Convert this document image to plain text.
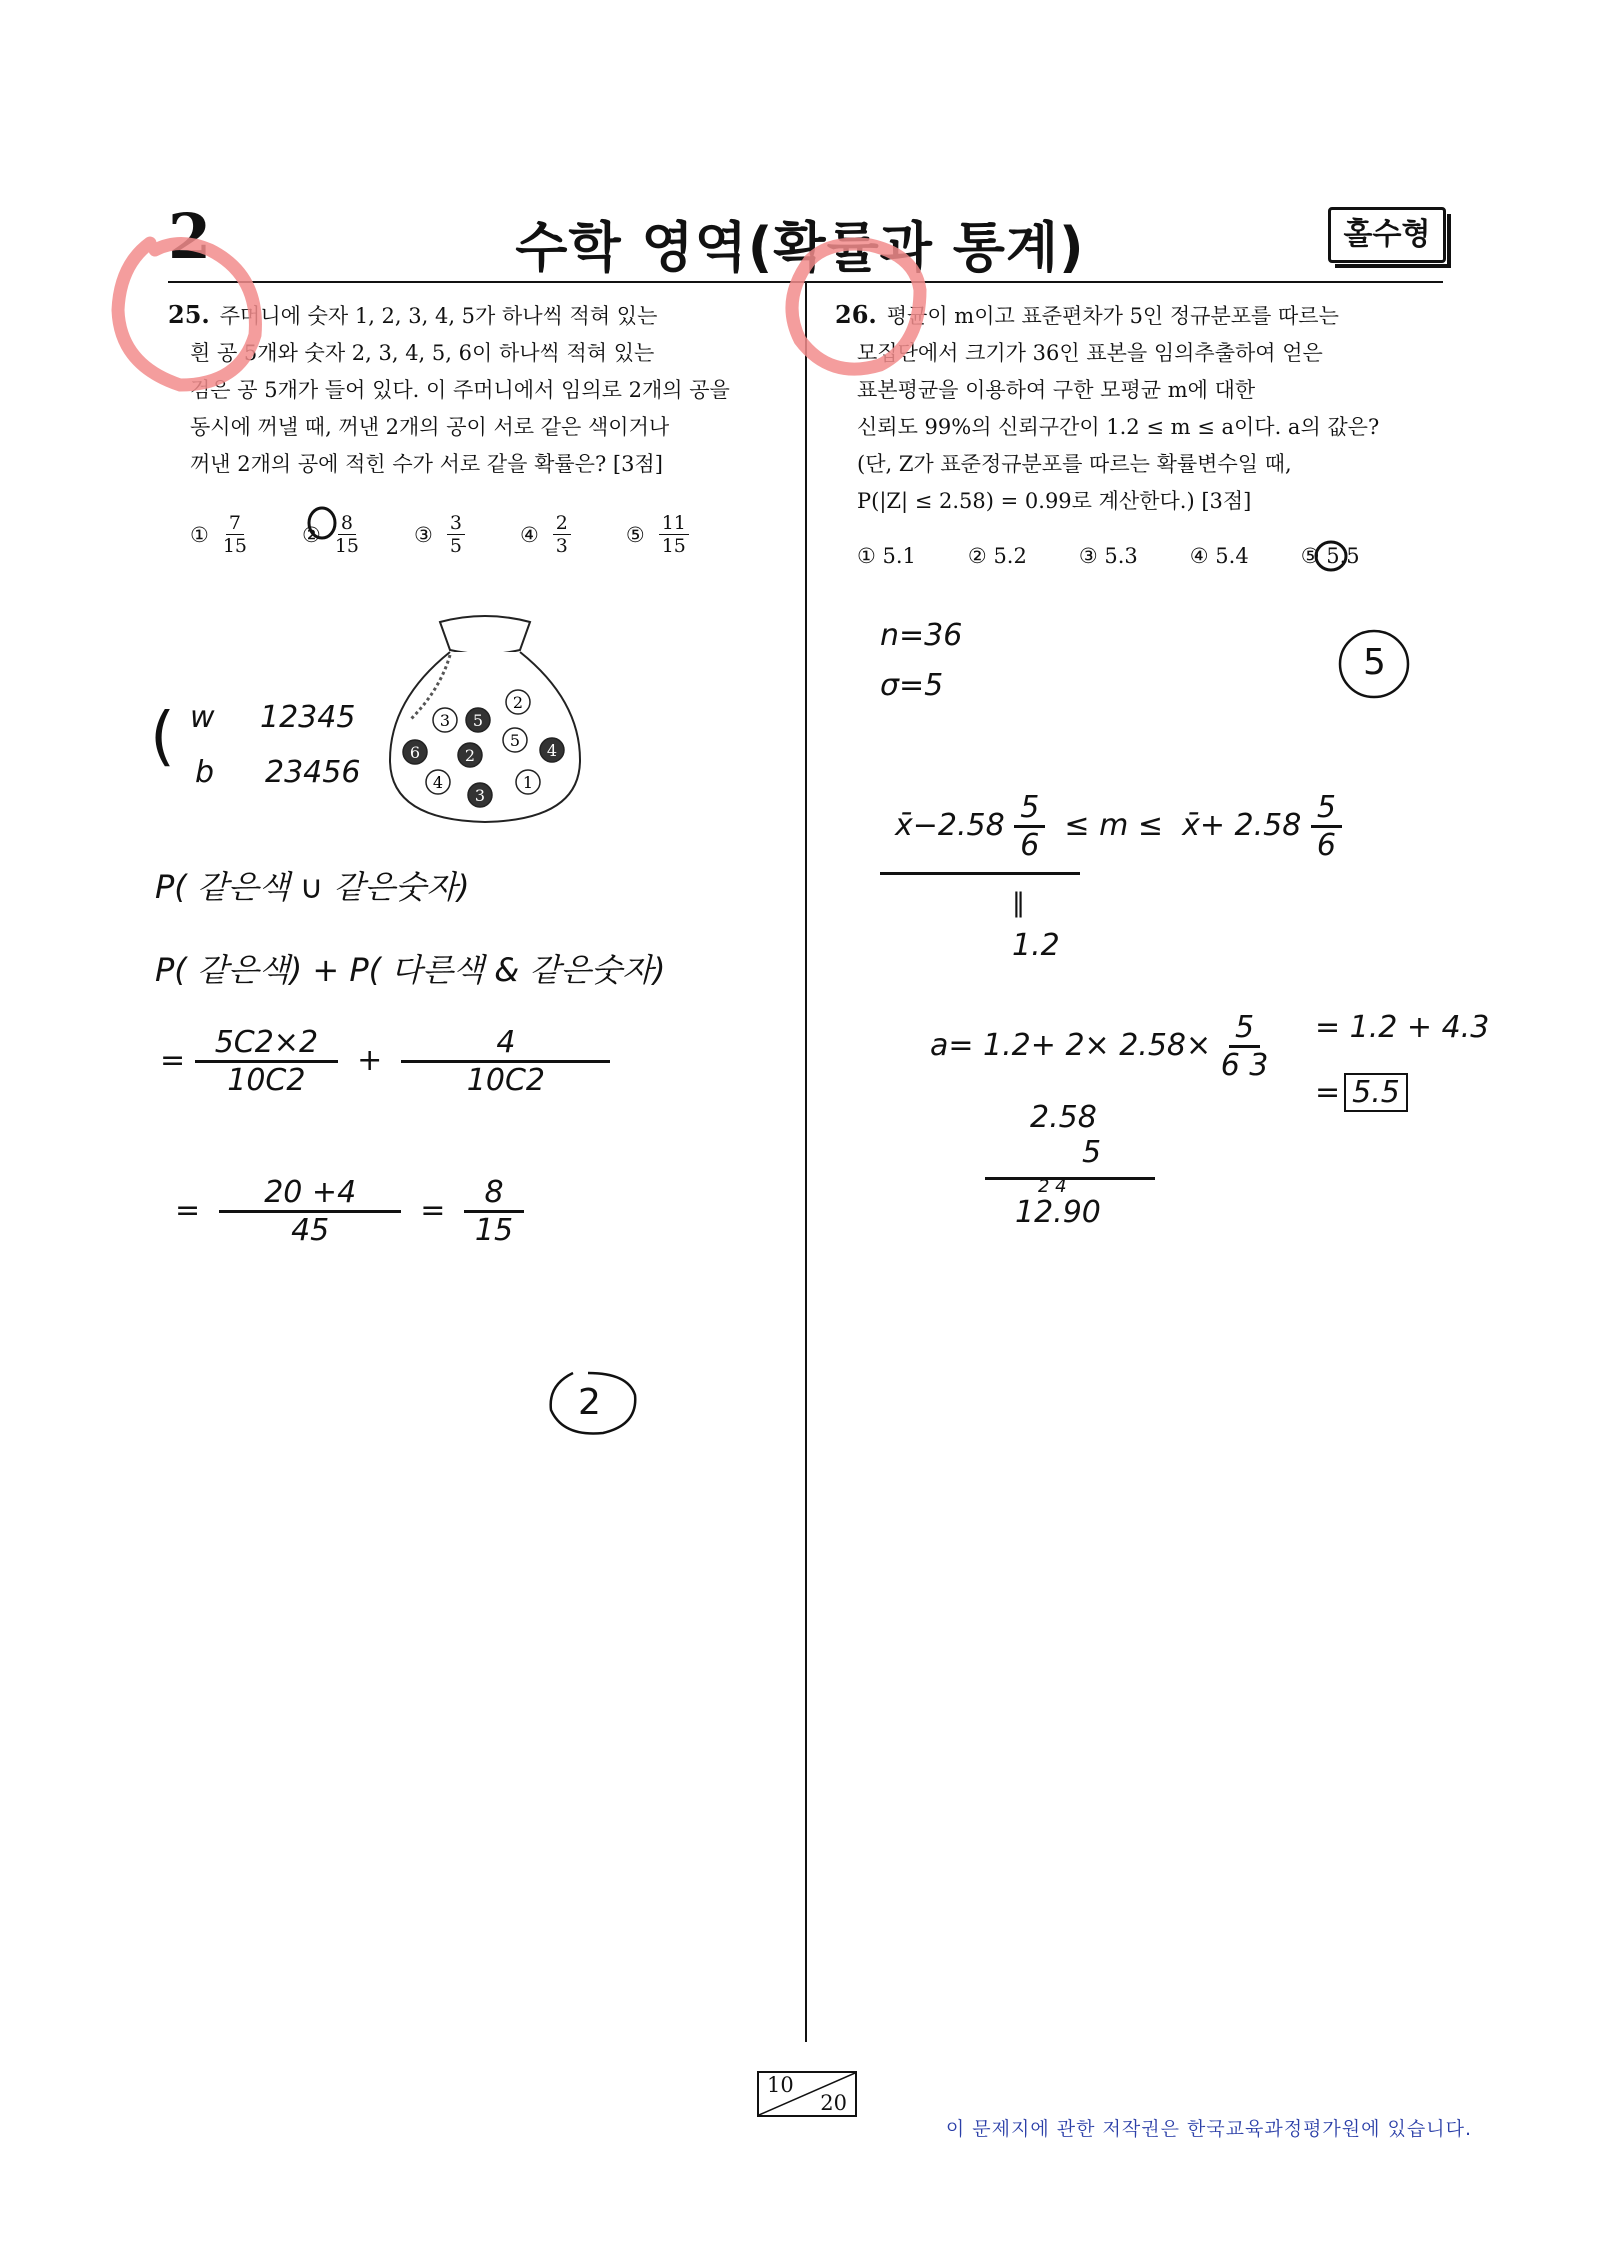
2	수학 영역(확률과 통계)	홀수형
25. 주머니에 숫자 1, 2, 3, 4, 5가 하나씩 적혀 있는
흰 공 5개와 숫자 2, 3, 4, 5, 6이 하나씩 적혀 있는
검은 공 5개가 들어 있다. 이 주머니에서 임의로 2개의 공을
동시에 꺼낼 때, 꺼낸 2개의 공이 서로 같은 색이거나
꺼낸 2개의 공에 적힌 수가 서로 같을 확률은? [3점]
① $\frac{7}{15}$	② $\frac{8}{15}$	③ $\frac{3}{5}$	④ $\frac{2}{3}$	⑤ $\frac{11}{15}$
3 5
2
6	2
5
4
4
3
1
26. 평균이 m이고 표준편차가 5인 정규분포를 따르는
모집단에서 크기가 36인 표본을 임의추출하여 얻은
표본평균을 이용하여 구한 모평균 m에 대한
신뢰도 99%의 신뢰구간이 1.2 ≤ m ≤ a이다. a의 값은?
(단, Z가 표준정규분포를 따르는 확률변수일 때,
P(|Z| ≤ 2.58) = 0.99로 계산한다.) [3점]
①
5.1 ②
5.2 ③
5.3 ④
5.4 ⑤
5.5
( w 12345
b 23456
P( 같은색 ∪ 같은숫자)
P( 같은색) + P( 다른색 & 같은숫자)
= $\frac{5C2\times 2}{10C2} + \frac{4}{10C2}$
= $\frac{20 +4}{45} = \frac{8}{15}$
2
n=36
σ=5
5
x̄−2.58 $\frac{5}{6} \le m$ ≤ x̄+ $2.58 \frac{5}{6}$
‖
1.2
$a= 1.2+ 2\times 2.58\times \frac{5}{6 3} = 1.2 + 4.3$
= 5.5
2.58
5
2 4
12.90
10
20
이 문제지에 관한 저작권은 한국교육과정평가원에 있습니다.
